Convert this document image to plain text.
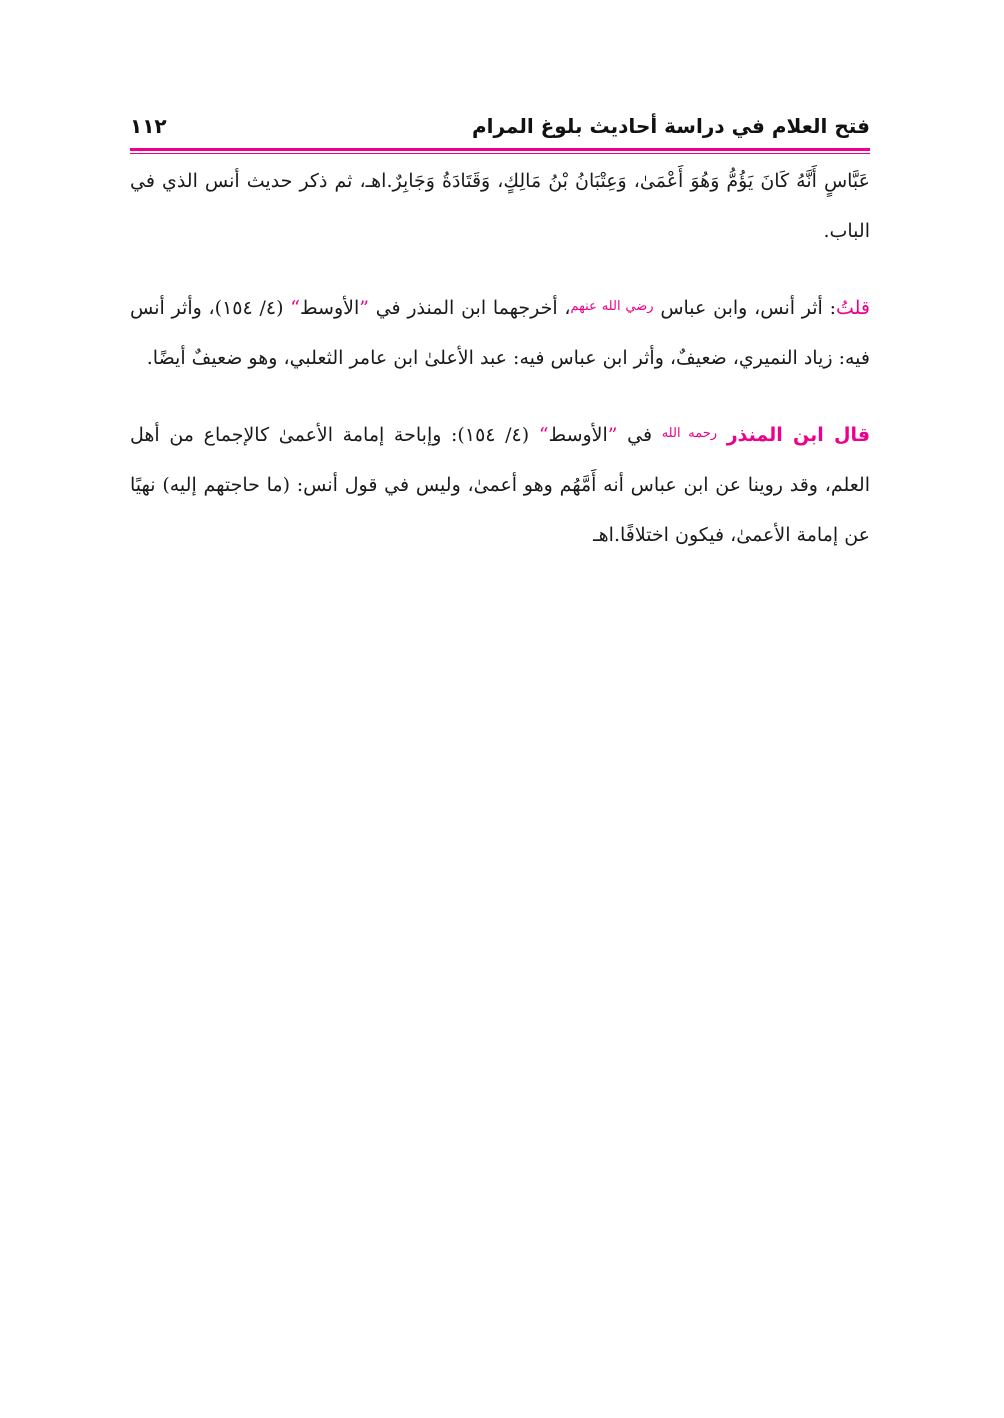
فتح العلام في دراسة أحاديث بلوغ المرام
١١٢

عَبَّاسٍ أَنَّهُ كَانَ يَؤُمُّ وَهُوَ أَعْمَىٰ، وَعِتْبَانُ بْنُ مَالِكٍ، وَقَتَادَةُ وَجَابِرٌ.اهـ، ثم ذكر حديث أنس الذي في الباب.

قلتُ: أثر أنس، وابن عباس $^{رضي الله عنهم}$، أخرجهما ابن المنذر في ”الأوسط“ (٤/ ١٥٤)، وأثر أنس فيه: زياد النميري، ضعيفٌ، وأثر ابن عباس فيه: عبد الأعلىٰ ابن عامر الثعلبي، وهو ضعيفٌ أيضًا.

قال ابن المنذر $^{رحمه الله}$ في ”الأوسط“ (٤/ ١٥٤): وإباحة إمامة الأعمىٰ كالإجماع من أهل العلم، وقد روينا عن ابن عباس أنه أَمَّهُم وهو أعمىٰ، وليس في قول أنس: (ما حاجتهم إليه) نهيًا عن إمامة الأعمىٰ، فيكون اختلافًا.اهـ
